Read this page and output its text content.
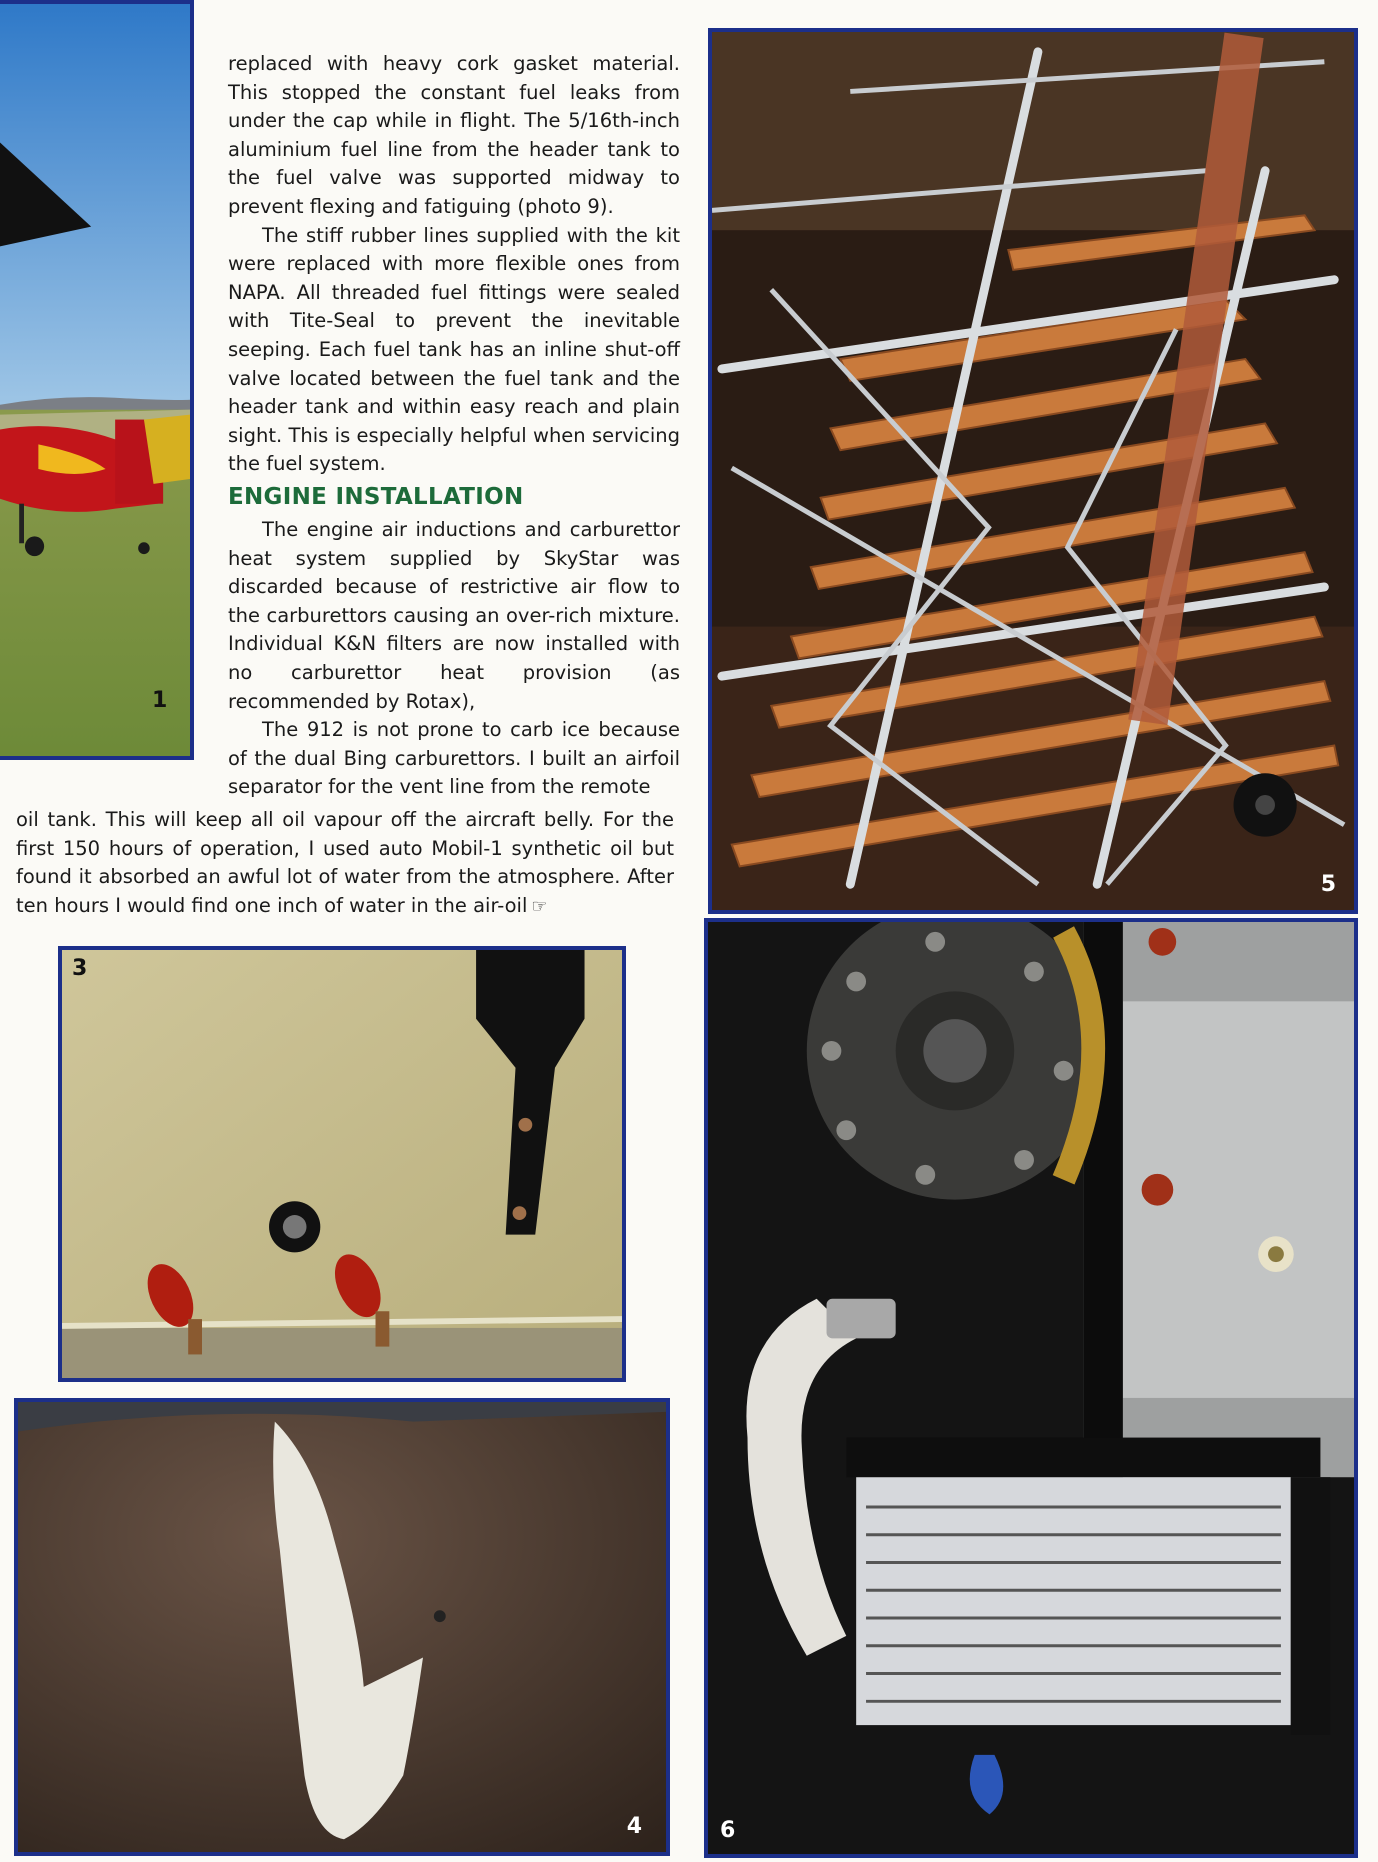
1
5
3
4	6

replaced with heavy cork gasket material. This stopped the constant fuel leaks from under the cap while in flight. The 5/16th-inch aluminium fuel line from the header tank to the fuel valve was supported midway to prevent flexing and fatiguing (photo 9).

The stiff rubber lines supplied with the kit were replaced with more flexible ones from NAPA. All threaded fuel fittings were sealed with Tite-Seal to prevent the inevitable seeping. Each fuel tank has an inline shut-off valve located between the fuel tank and the header tank and within easy reach and plain sight. This is especially helpful when servicing the fuel system.

ENGINE INSTALLATION

The engine air inductions and carburettor heat system supplied by SkyStar was discarded because of restrictive air flow to the carburettors causing an over-rich mixture. Individual K&N filters are now installed with no carburettor heat provision (as recommended by Rotax),

The 912 is not prone to carb ice because of the dual Bing carburettors. I built an airfoil separator for the vent line from the remote

oil tank. This will keep all oil vapour off the aircraft belly. For the first 150 hours of operation, I used auto Mobil-1 synthetic oil but found it absorbed an awful lot of water from the atmosphere. After ten hours I would find one inch of water in the air-oil ☞
